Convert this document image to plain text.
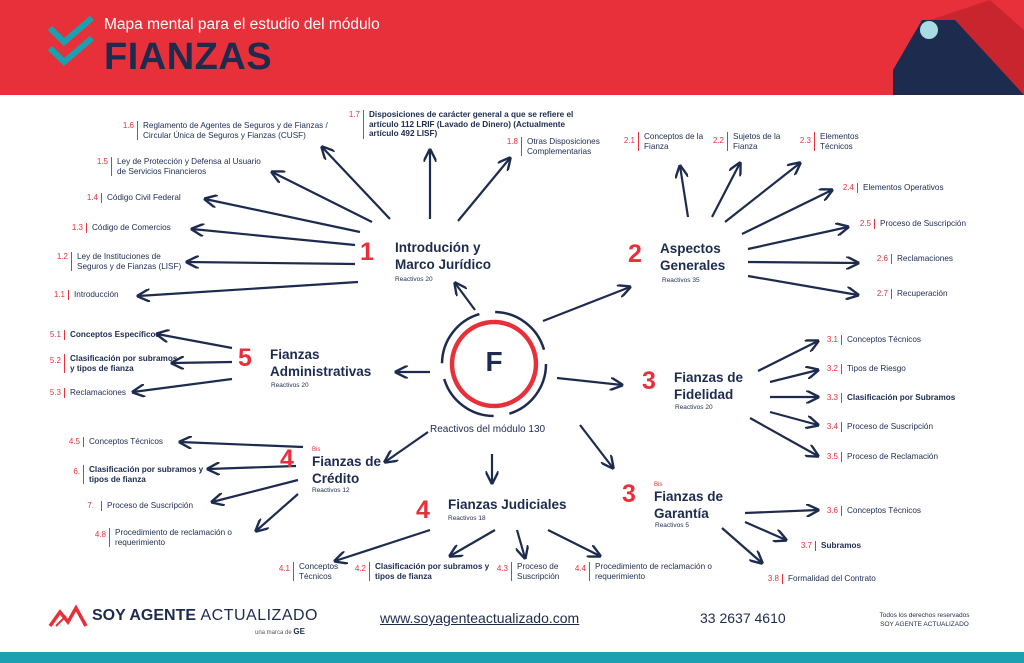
Mapa mental para el estudio del módulo
FIANZAS
F
Reactivos del módulo 130
1 Introdución y Marco Jurídico
Reactivos 20
1.1	Introducción
1.2	Ley de Instituciones de Seguros y de Fianzas (LISF)
1.3	Código de Comercios
1.4	Código Civil Federal
1.5	Ley de Protección y Defensa al Usuario de Servicios Financieros
1.6	Reglamento de Agentes de Seguros y de Fianzas / Circular Única de Seguros y Fianzas (CUSF)
1.7	Disposiciones de carácter general a que se refiere el artículo 112 LRIF (Lavado de Dinero) (Actualmente artículo 492 LISF)
1.8	Otras Disposiciones Complementarias
2 Aspectos Generales
Reactivos 35
2.1	Conceptos de la Fianza
2.2	Sujetos de la Fianza
2.3	Elementos Técnicos
2.4	Elementos Operativos
2.5	Proceso de Suscripción
2.6	Reclamaciones
2.7	Recuperación
3 Fianzas de Fidelidad
Reactivos 20
3.1	Conceptos Técnicos
3.2	Tipos de Riesgo
3.3	Clasificación por Subramos
3.4	Proceso de Suscripción
3.5	Proceso de Reclamación
3	Bis
Fianzas de Garantía
Reactivos 5
3.6	Conceptos Técnicos
3.7	Subramos
3.8	Formalidad del Contrato
4 Fianzas Judiciales
Reactivos 18
4.1	Conceptos Técnicos
4.2	Clasificación por subramos y tipos de fianza
4.3	Proceso de Suscripción
4.4	Procedimiento de reclamación o requerimiento
4	Bis
Fianzas de Crédito
Reactivos 12
4.5	Conceptos Técnicos
6.	Clasificación por subramos y tipos de fianza
7.	Proceso de Suscripción
4.8	Procedimiento de reclamación o requerimiento
5 Fianzas Administrativas
Reactivos 20
5.1	Conceptos Específicos
5.2	Clasificación por subramos y tipos de fianza
5.3	Reclamaciones
SOY AGENTE ACTUALIZADO
una marca de GE
www.soyagenteactualizado.com	33 2637 4610	Todos los derechos reservados
SOY AGENTE ACTUALIZADO
